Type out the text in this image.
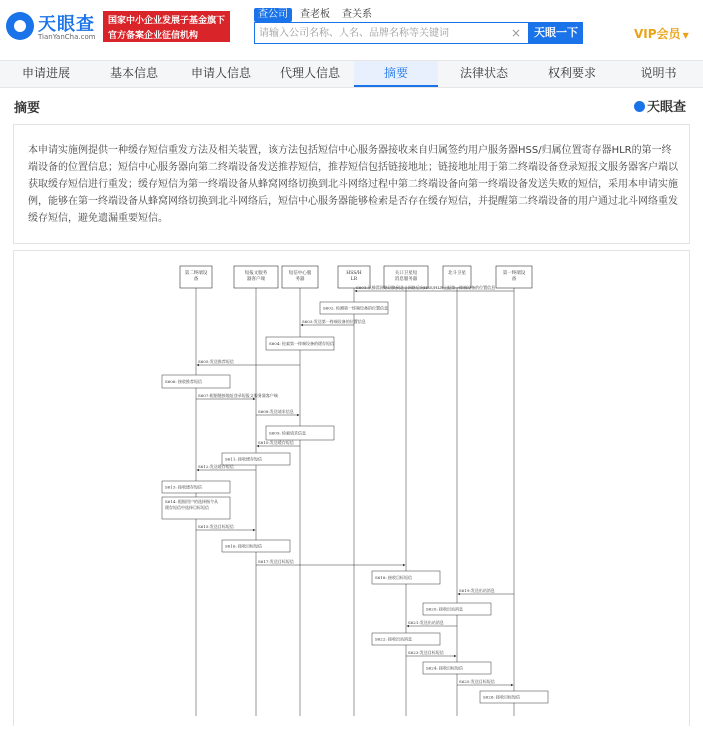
天眼查
TianYanCha.com
国家中小企业发展子基金旗下
官方备案企业征信机构
查公司	查老板	查关系
请输入公司名称、人名、品牌名称等关键词
×	天眼一下	VIP会员 ▼
申请进展	基本信息	申请人信息	代理人信息	摘要	法律状态	权利要求	说明书
摘要	天眼查

本申请实施例提供一种缓存短信重发方法及相关装置，该方法包括短信中心服务器接收来自归属签约用户服务器HSS/归属位置寄存器HLR的第一终端设备的位置信息；短信中心服务器向第二终端设备发送推荐短信，推荐短信包括链接地址；链接地址用于第二终端设备登录短报文服务器客户端以获取缓存短信进行重发；缓存短信为第一终端设备从蜂窝网络切换到北斗网络过程中第二终端设备向第一终端设备发送失败的短信，采用本申请实施例，能够在第一终端设备从蜂窝网络切换到北斗网络后，短信中心服务器能够检索是否存在缓存短信，并提醒第二终端设备的用户通过北斗网络重发缓存短信，避免遗漏重要短信。

第二终端设备
短报文服务器客户端
短信中心服务器
HSS/H LR
关口卫星短消息服务器
北斗卫星	第一终端设备
S601:从蜂窝网络切换到北斗网络后向HSS/HLR上报第一终端设备的位置信息
S602: 检测第一终端设备的位置信息
S603:发送第一终端设备的位置信息
S604: 检索第一终端设备的缓存短信
S605:发送推荐短信
S606: 接收推荐短信
S607:根据链接地址登录短报文服务器客户端
S608:发送请求信息
S609: 检索请求信息
S610:发送缓存短信
S611: 接收缓存短信
S612:发送缓存短信
S613: 接收缓存短信
S614: 根据用户的选择指令从缓存短信中选择目标短信
S615:发送目标短信
S616: 接收目标短信
S617:发送目标短信
S618: 接收目标短信
S619:发送出站消息
S620: 接收出站消息
S621:发送出站消息
S622: 接收出站消息
S623:发送目标短信
S624: 接收目标短信
S625:发送目标短信
S626: 接收目标短信
